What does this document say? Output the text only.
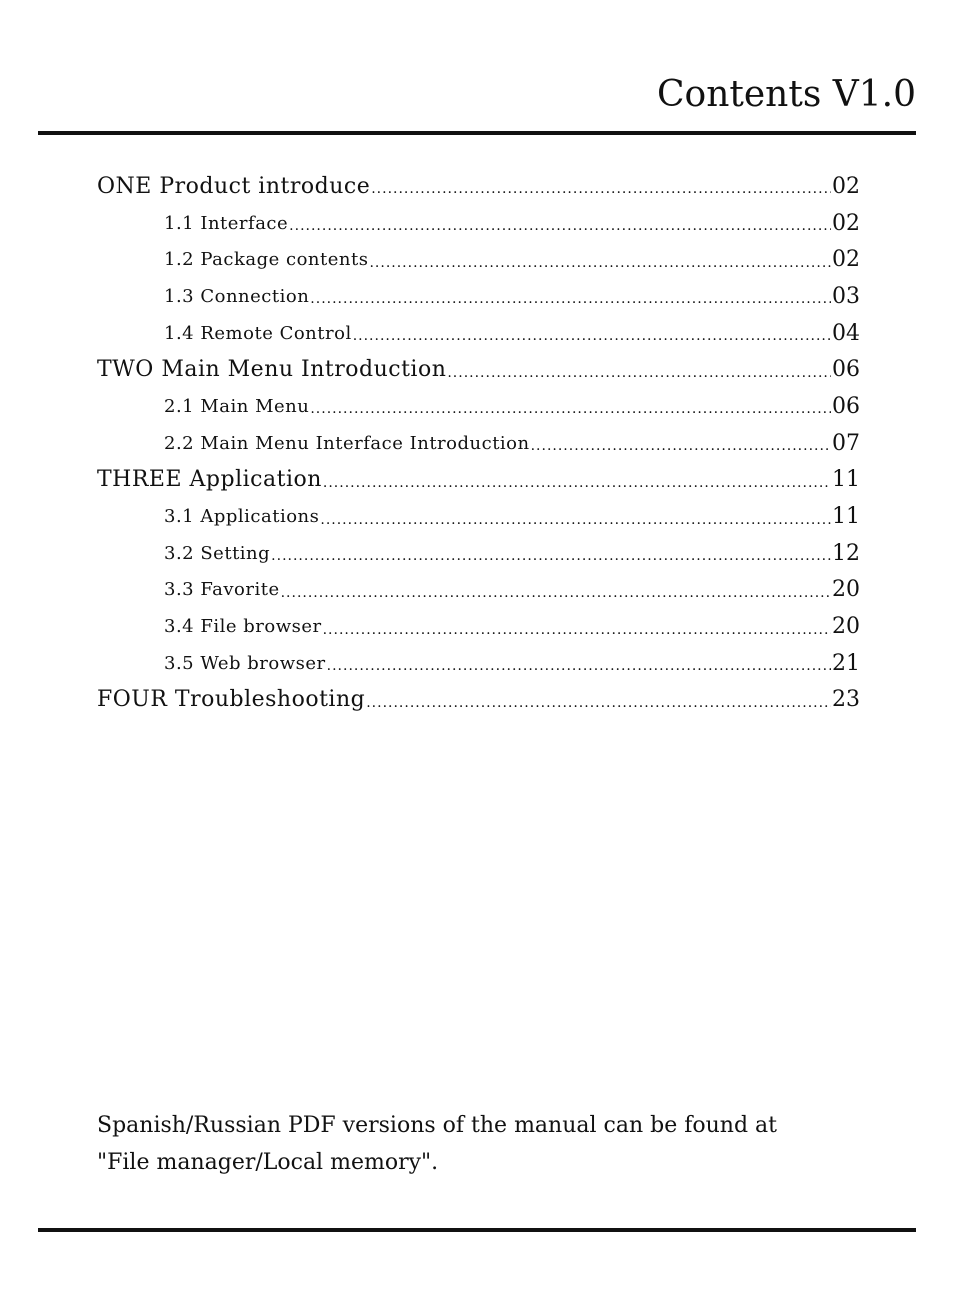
Contents V1.0
ONE Product introduce .....	02
1.1 Interface .....	02
1.2 Package contents .....	02
1.3 Connection .....	03
1.4 Remote Control .....	04
TWO Main Menu Introduction .....	06
2.1 Main Menu .....	06
2.2 Main Menu Interface Introduction .....	07
THREE Application .....	11
3.1 Applications .....	11
3.2 Setting .....	12
3.3 Favorite .....	20
3.4 File browser .....	20
3.5 Web browser .....	21
FOUR Troubleshooting .....	23
Spanish/Russian PDF versions of the manual can be found at
"File manager/Local memory".
